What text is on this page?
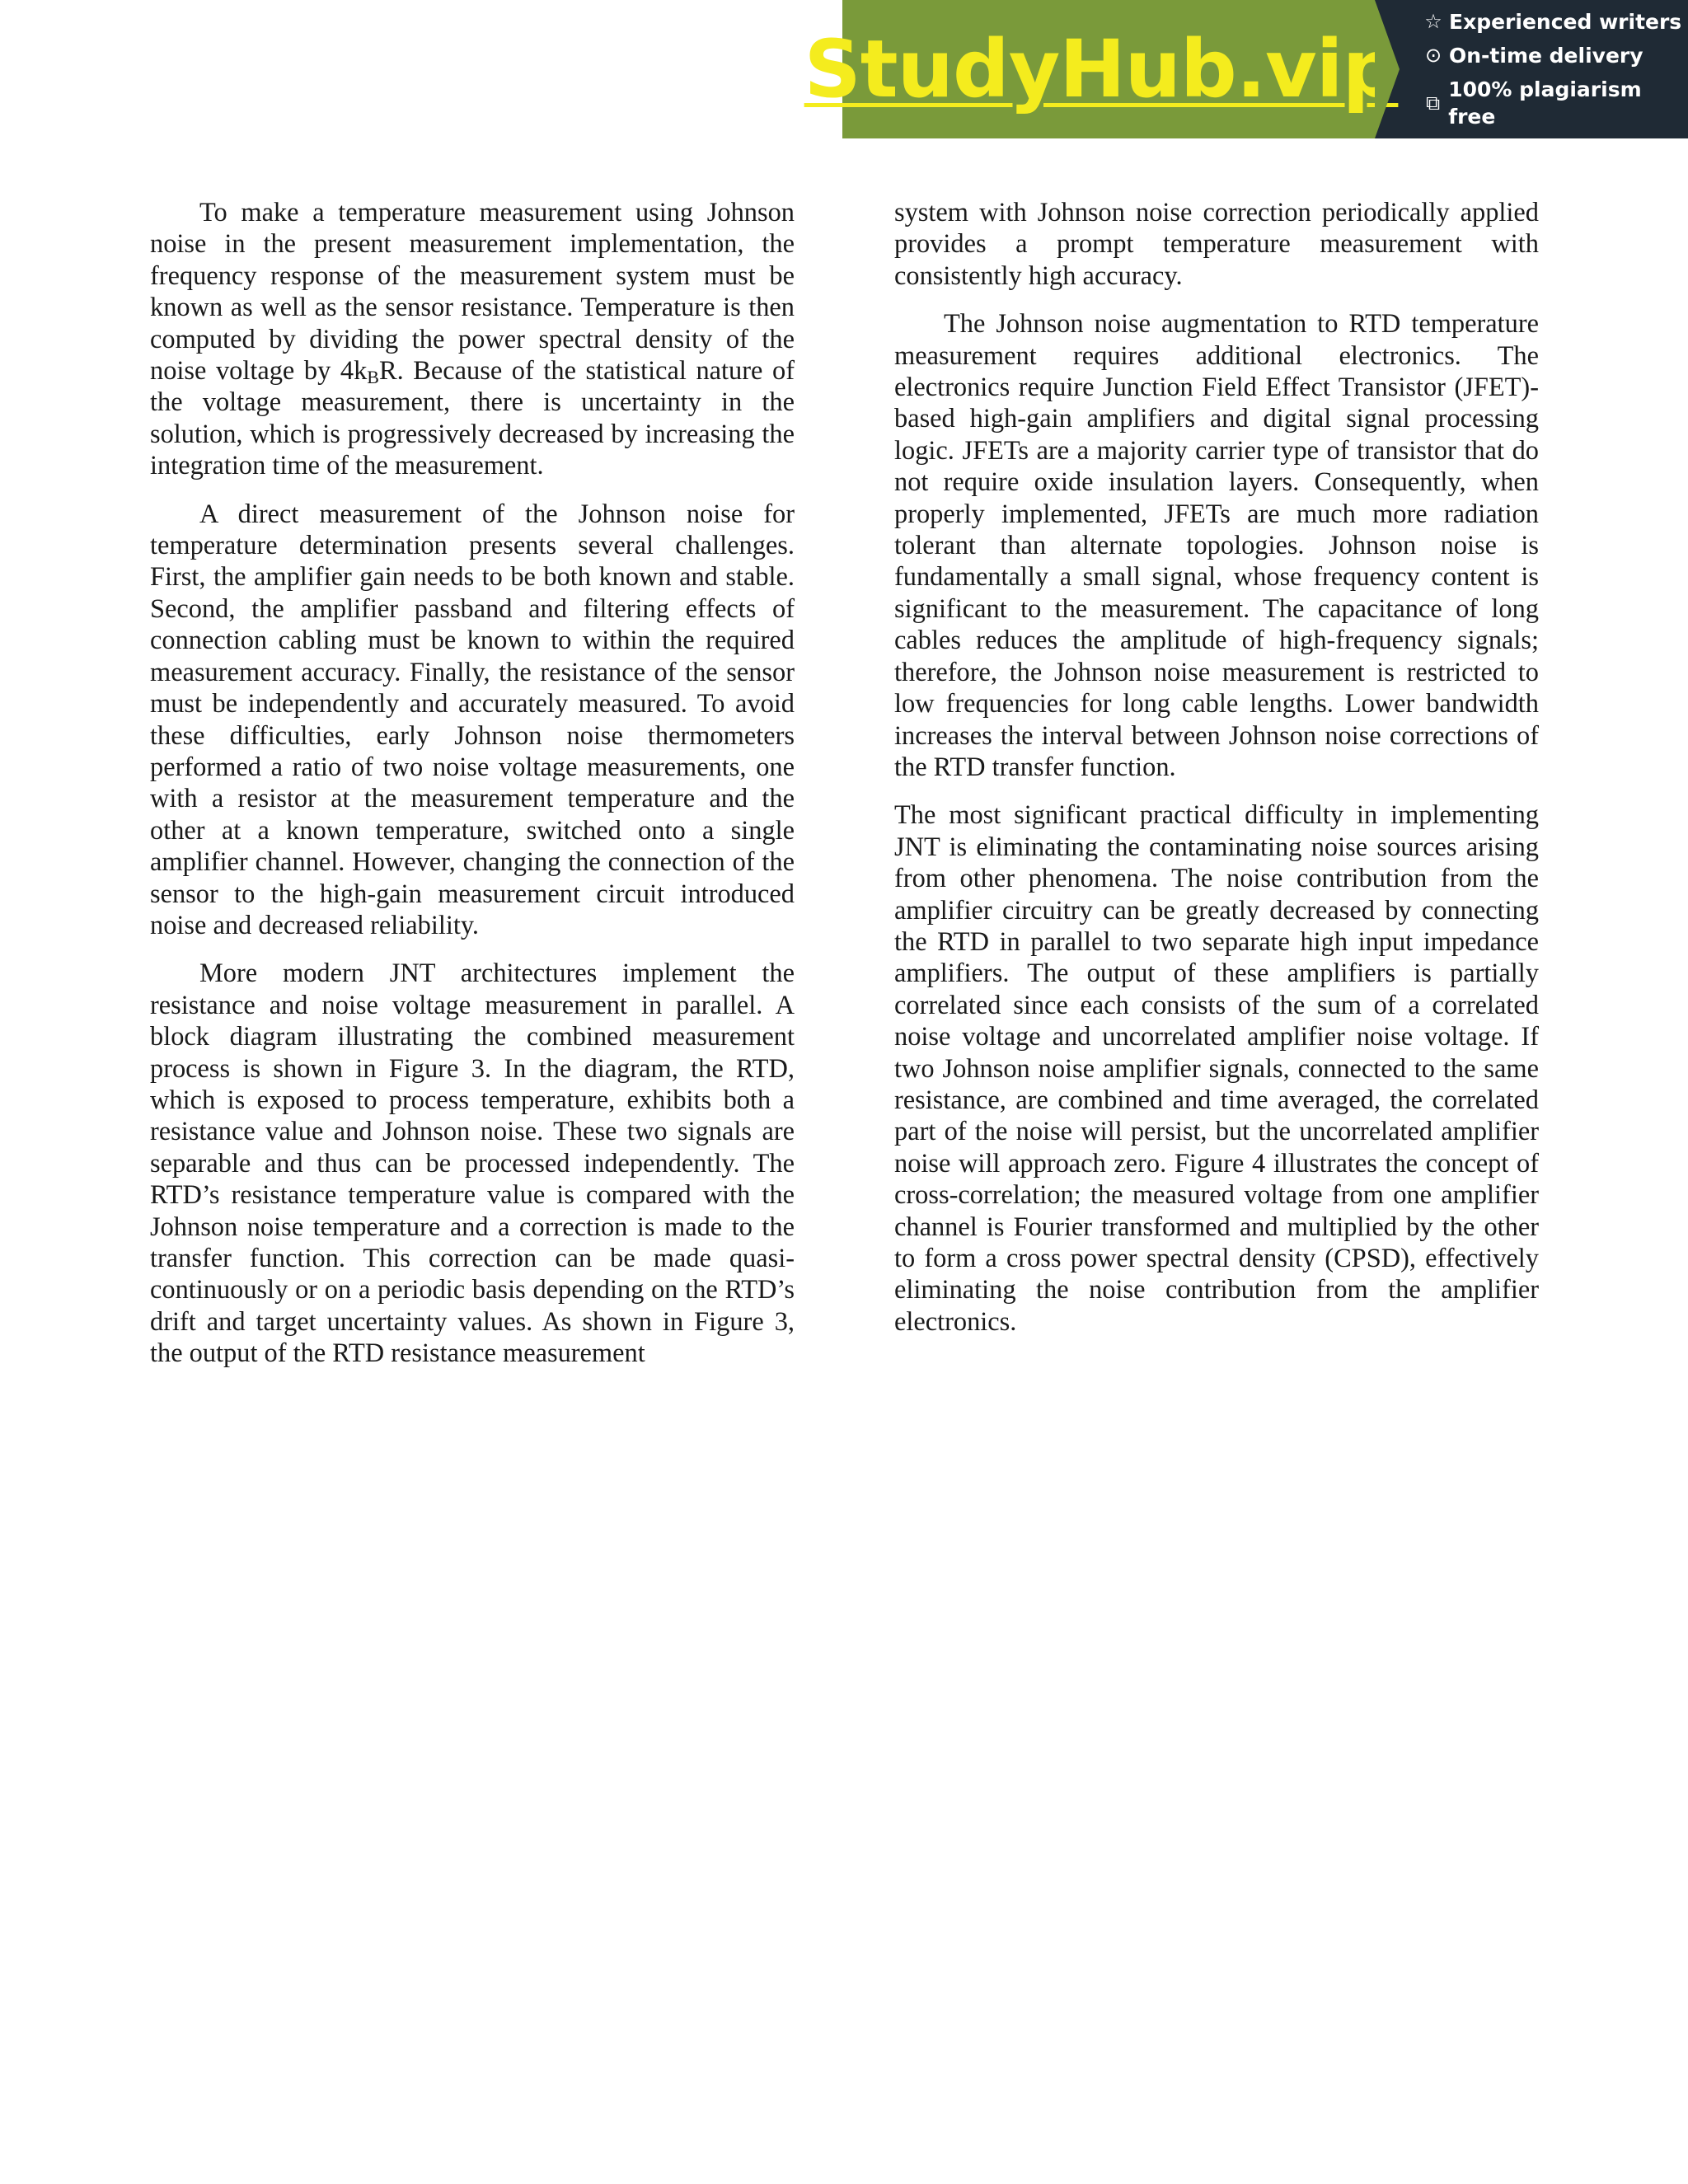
StudyHub.vip
☆ Experienced writers
⊙ On-time delivery
⧉
100% plagiarism free

To make a temperature measurement using Johnson noise in the present measurement implementation, the frequency response of the measurement system must be known as well as the sensor resistance. Temperature is then computed by dividing the power spectral density of the noise voltage by $4k_BR$. Because of the statistical nature of the voltage measurement, there is uncertainty in the solution, which is progressively decreased by increasing the integration time of the measurement.

A direct measurement of the Johnson noise for temperature determination presents several challenges. First, the amplifier gain needs to be both known and stable. Second, the amplifier passband and filtering effects of connection cabling must be known to within the required measurement accuracy. Finally, the resistance of the sensor must be independently and accurately measured. To avoid these difficulties, early Johnson noise thermometers performed a ratio of two noise voltage measurements, one with a resistor at the measurement temperature and the other at a known temperature, switched onto a single amplifier channel. However, changing the connection of the sensor to the high-gain measurement circuit introduced noise and decreased reliability.

More modern JNT architectures implement the resistance and noise voltage measurement in parallel. A block diagram illustrating the combined measurement process is shown in Figure 3. In the diagram, the RTD, which is exposed to process temperature, exhibits both a resistance value and Johnson noise. These two signals are separable and thus can be processed independently. The RTD’s resistance temperature value is compared with the Johnson noise temperature and a correction is made to the transfer function. This correction can be made quasi-continuously or on a periodic basis depending on the RTD’s drift and target uncertainty values. As shown in Figure 3, the output of the RTD resistance measurement

system with Johnson noise correction periodically applied provides a prompt temperature measurement with consistently high accuracy.

The Johnson noise augmentation to RTD temperature measurement requires additional electronics. The electronics require Junction Field Effect Transistor (JFET)-based high-gain amplifiers and digital signal processing logic. JFETs are a majority carrier type of transistor that do not require oxide insulation layers. Consequently, when properly implemented, JFETs are much more radiation tolerant than alternate topologies. Johnson noise is fundamentally a small signal, whose frequency content is significant to the measurement. The capacitance of long cables reduces the amplitude of high-frequency signals; therefore, the Johnson noise measurement is restricted to low frequencies for long cable lengths. Lower bandwidth increases the interval between Johnson noise corrections of the RTD transfer function.

The most significant practical difficulty in implementing JNT is eliminating the contaminating noise sources arising from other phenomena. The noise contribution from the amplifier circuitry can be greatly decreased by connecting the RTD in parallel to two separate high input impedance amplifiers. The output of these amplifiers is partially correlated since each consists of the sum of a correlated noise voltage and uncorrelated amplifier noise voltage. If two Johnson noise amplifier signals, connected to the same resistance, are combined and time averaged, the correlated part of the noise will persist, but the uncorrelated amplifier noise will approach zero. Figure 4 illustrates the concept of cross-correlation; the measured voltage from one amplifier channel is Fourier transformed and multiplied by the other to form a cross power spectral density (CPSD), effectively eliminating the noise contribution from the amplifier electronics.
